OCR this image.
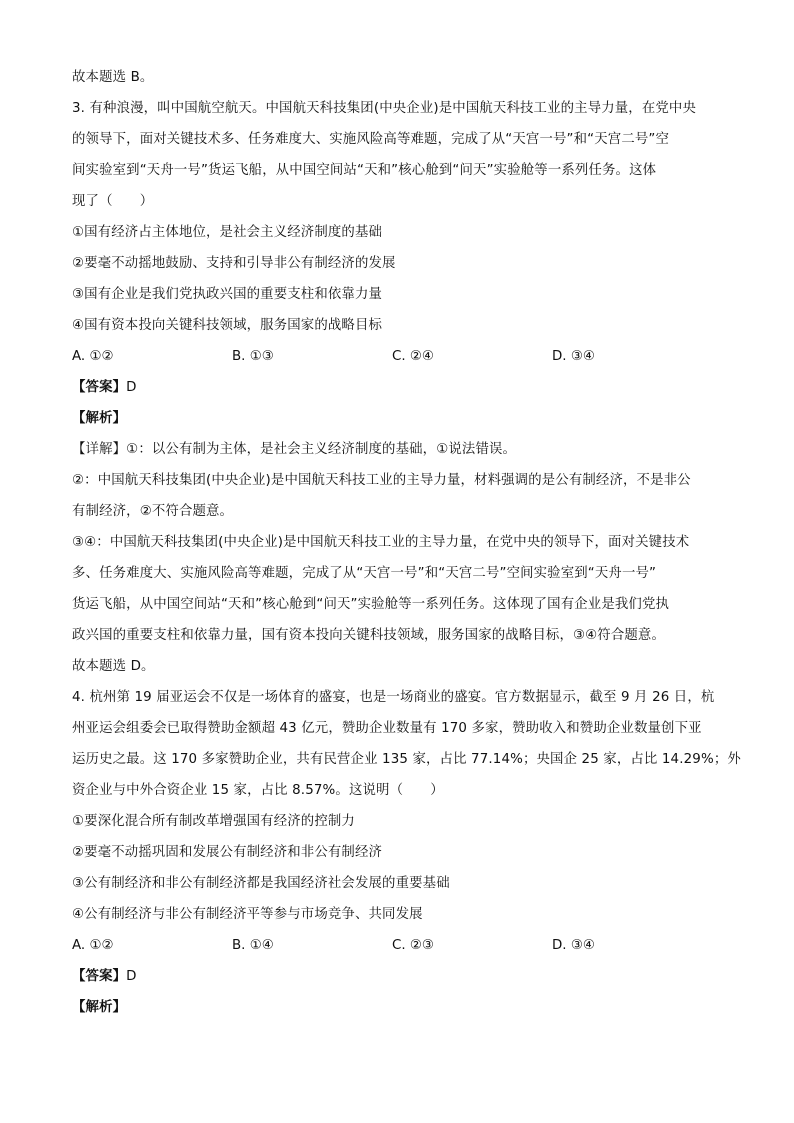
故本题选 B。
3. 有种浪漫，叫中国航空航天。中国航天科技集团(中央企业)是中国航天科技工业的主导力量，在党中央
的领导下，面对关键技术多、任务难度大、实施风险高等难题，完成了从“天宫一号”和“天宫二号”空
间实验室到“天舟一号”货运飞船，从中国空间站“天和”核心舱到“问天”实验舱等一系列任务。这体
现了（　　）
①国有经济占主体地位，是社会主义经济制度的基础
②要毫不动摇地鼓励、支持和引导非公有制经济的发展
③国有企业是我们党执政兴国的重要支柱和依靠力量
④国有资本投向关键科技领域，服务国家的战略目标
A. ①②	B. ①③	C. ②④	D. ③④
【答案】D
【解析】
【详解】①：以公有制为主体，是社会主义经济制度的基础，①说法错误。
②：中国航天科技集团(中央企业)是中国航天科技工业的主导力量，材料强调的是公有制经济，不是非公
有制经济，②不符合题意。
③④：中国航天科技集团(中央企业)是中国航天科技工业的主导力量，在党中央的领导下，面对关键技术
多、任务难度大、实施风险高等难题，完成了从“天宫一号”和“天宫二号”空间实验室到“天舟一号”
货运飞船，从中国空间站“天和”核心舱到“问天”实验舱等一系列任务。这体现了国有企业是我们党执
政兴国的重要支柱和依靠力量，国有资本投向关键科技领域，服务国家的战略目标，③④符合题意。
故本题选 D。
4. 杭州第 19 届亚运会不仅是一场体育的盛宴，也是一场商业的盛宴。官方数据显示，截至 9 月 26 日，杭
州亚运会组委会已取得赞助金额超 43 亿元，赞助企业数量有 170 多家，赞助收入和赞助企业数量创下亚
运历史之最。这 170 多家赞助企业，共有民营企业 135 家，占比 77.14%；央国企 25 家，占比 14.29%；外
资企业与中外合资企业 15 家，占比 8.57%。这说明（　　）
①要深化混合所有制改革增强国有经济的控制力
②要毫不动摇巩固和发展公有制经济和非公有制经济
③公有制经济和非公有制经济都是我国经济社会发展的重要基础
④公有制经济与非公有制经济平等参与市场竞争、共同发展
A. ①②	B. ①④	C. ②③	D. ③④
【答案】D
【解析】
